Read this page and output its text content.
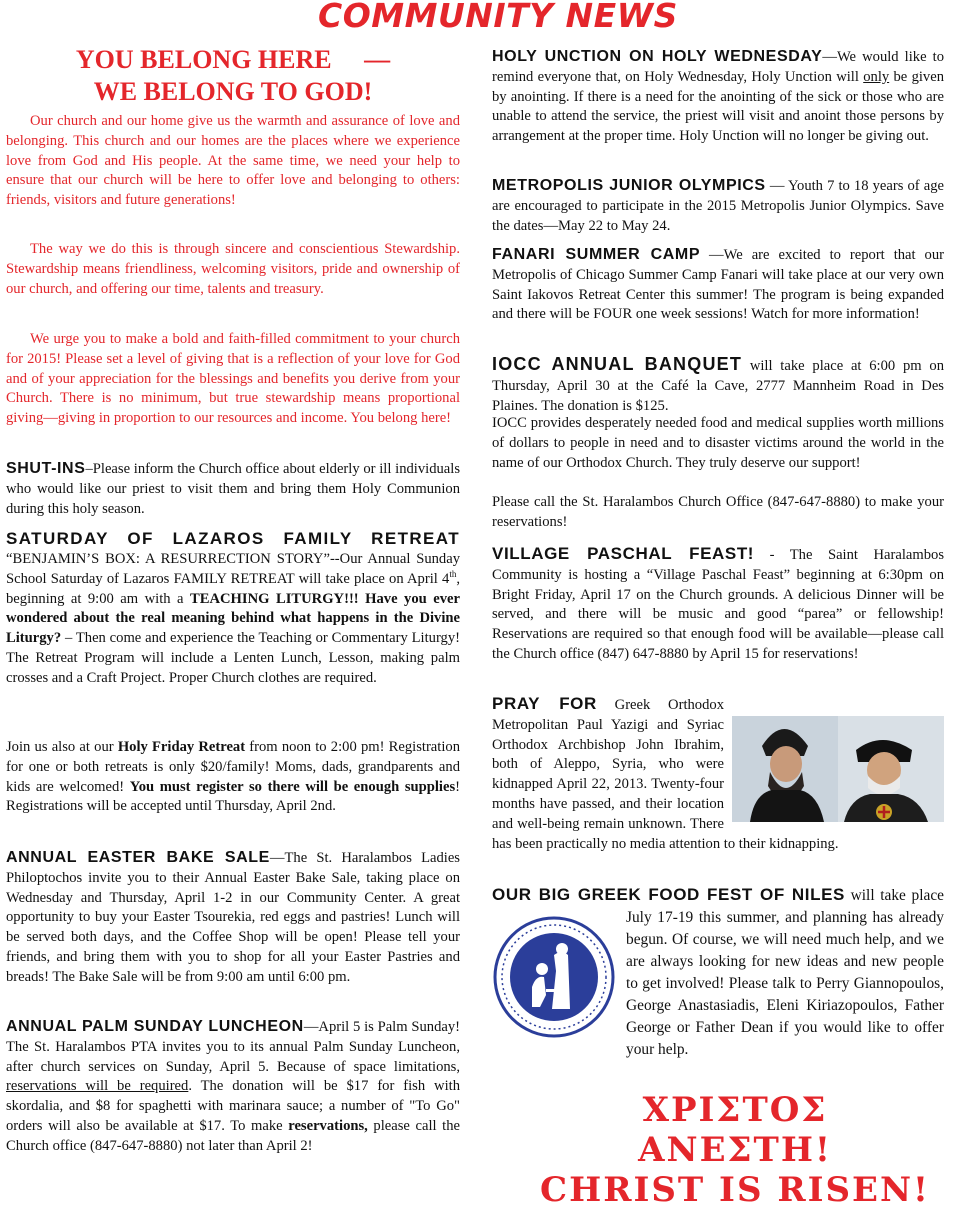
COMMUNITY NEWS
YOU BELONG HERE —
WE BELONG TO GOD!

Our church and our home give us the warmth and assurance of love and belonging. This church and our homes are the places where we experience love from God and His people. At the same time, we need your help to ensure that our church will be here to offer love and belonging to others: friends, visitors and future generations!

The way we do this is through sincere and conscientious Stewardship. Stewardship means friendliness, welcoming visitors, pride and ownership of our church, and offering our time, talents and treasury.

We urge you to make a bold and faith-filled commitment to your church for 2015! Please set a level of giving that is a reflection of your love for God and of your appreciation for the blessings and benefits you derive from your Church. There is no minimum, but true stewardship means proportional giving—giving in proportion to our resources and income. You belong here!

SHUT-INS–Please inform the Church office about elderly or ill individuals who would like our priest to visit them and bring them Holy Communion during this holy season.

SATURDAY OF LAZAROS FAMILY RETREAT

“BENJAMIN’S BOX: A RESURRECTION STORY”--Our Annual Sunday School Saturday of Lazaros FAMILY RETREAT will take place on April 4th, beginning at 9:00 am with a TEACHING LITURGY!!! Have you ever wondered about the real meaning behind what happens in the Divine Liturgy? – Then come and experience the Teaching or Commentary Liturgy! The Retreat Program will include a Lenten Lunch, Lesson, making palm crosses and a Craft Project. Proper Church clothes are required.

Join us also at our Holy Friday Retreat from noon to 2:00 pm! Registration for one or both retreats is only $20/family! Moms, dads, grandparents and kids are welcomed! You must register so there will be enough supplies! Registrations will be accepted until Thursday, April 2nd.

ANNUAL EASTER BAKE SALE—The St. Haralambos Ladies Philoptochos invite you to their Annual Easter Bake Sale, taking place on Wednesday and Thursday, April 1-2 in our Community Center. A great opportunity to buy your Easter Tsourekia, red eggs and pastries! Lunch will be served both days, and the Coffee Shop will be open! Please tell your friends, and bring them with you to shop for all your Easter Pastries and breads! The Bake Sale will be from 9:00 am until 6:00 pm.

ANNUAL PALM SUNDAY LUNCHEON—April 5 is Palm Sunday! The St. Haralambos PTA invites you to its annual Palm Sunday Luncheon, after church services on Sunday, April 5. Because of space limitations, reservations will be required. The donation will be $17 for fish with skordalia, and $8 for spaghetti with marinara sauce; a number of "To Go" orders will also be available at $17. To make reservations, please call the Church office (847-647-8880) not later than April 2!

HOLY UNCTION ON HOLY WEDNESDAY—We would like to remind everyone that, on Holy Wednesday, Holy Unction will only be given by anointing. If there is a need for the anointing of the sick or those who are unable to attend the service, the priest will visit and anoint those persons by arrangement at the proper time. Holy Unction will no longer be giving out.

METROPOLIS JUNIOR OLYMPICS — Youth 7 to 18 years of age are encouraged to participate in the 2015 Metropolis Junior Olympics. Save the dates—May 22 to May 24.

FANARI SUMMER CAMP —We are excited to report that our Metropolis of Chicago Summer Camp Fanari will take place at our very own Saint Iakovos Retreat Center this summer! The program is being expanded and there will be FOUR one week sessions! Watch for more information!

IOCC ANNUAL BANQUET will take place at 6:00 pm on Thursday, April 30 at the Café la Cave, 2777 Mannheim Road in Des Plaines. The donation is $125.

IOCC provides desperately needed food and medical supplies worth millions of dollars to people in need and to disaster victims around the world in the name of our Orthodox Church. They truly deserve our support!

Please call the St. Haralambos Church Office (847-647-8880) to make your reservations!

VILLAGE PASCHAL FEAST! - The Saint Haralambos Community is hosting a “Village Paschal Feast” beginning at 6:30pm on Bright Friday, April 17 on the Church grounds. A delicious Dinner will be served, and there will be music and good “parea” or fellowship! Reservations are required so that enough food will be available—please call the Church office (847) 647-8880 by April 15 for reservations!

PRAY FOR Greek Orthodox Metropolitan Paul Yazigi and Syriac Orthodox Archbishop John Ibrahim, both of Aleppo, Syria, who were kidnapped April 22, 2013. Twenty-four months have passed, and their location and well-being remain unknown. There has been practically no media attention to their kidnapping.
OUR BIG GREEK FOOD FEST OF NILES
will take place July 17-19 this summer, and planning has already begun. Of course, we will need much help, and we are always looking for new ideas and new people to get involved! Please talk to Perry Giannopoulos, George Anastasiadis, Eleni Kiriazopoulos, Father George or Father Dean if you would like to offer your help.
ΧΡΙΣΤΟΣ ΑΝΕΣΤΗ!
CHRIST IS RISEN!
